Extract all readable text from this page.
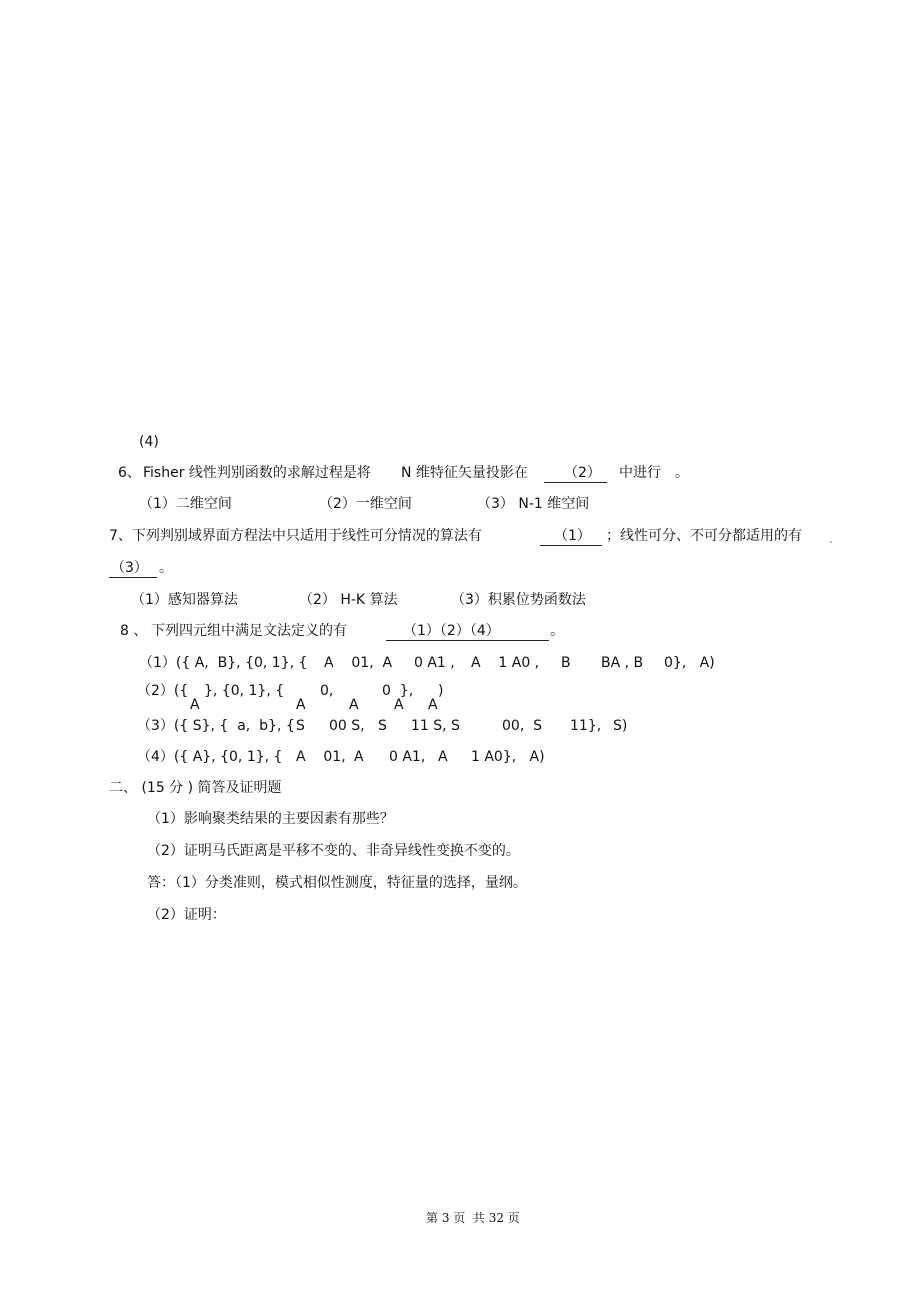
(4)
6、 Fisher 线性判别函数的求解过程是将 N 维特征矢量投影在	（2） 中进行 。
（1）二维空间	（2）一维空间	（3） N-1 维空间
7、下列判别域界面方程法中只适用于线性可分情况的算法有	（1） ；线性可分、不可分都适用的有
（3） 。
（1）感知器算法	（2） H-K 算法	（3）积累位势函数法
8 、 下列四元组中满足文法定义的有	（1）（2）（4）	。
（1）({ A,  B}, {0, 1}, { A    01,  A 0 A1 , A    1 A0 , B BA , B 0},   A)
（2）({ }, {0, 1}, {	0,	0  }, )
A	A	A	A A
（3）({ S}, {  a,  b}, { S 00 S, S 11 S, S	00,  S 11}, S)
（4）({ A}, {0, 1}, { A    01, A 0 A1, A 1 A0},   A)
二、 (15 分 ) 简答及证明题
（1）影响聚类结果的主要因素有那些？
（2）证明马氏距离是平移不变的、非奇异线性变换不变的。
答：（1）分类准则，模式相似性测度，特征量的选择，量纲。
（2）证明：
第 3 页  共 32 页
